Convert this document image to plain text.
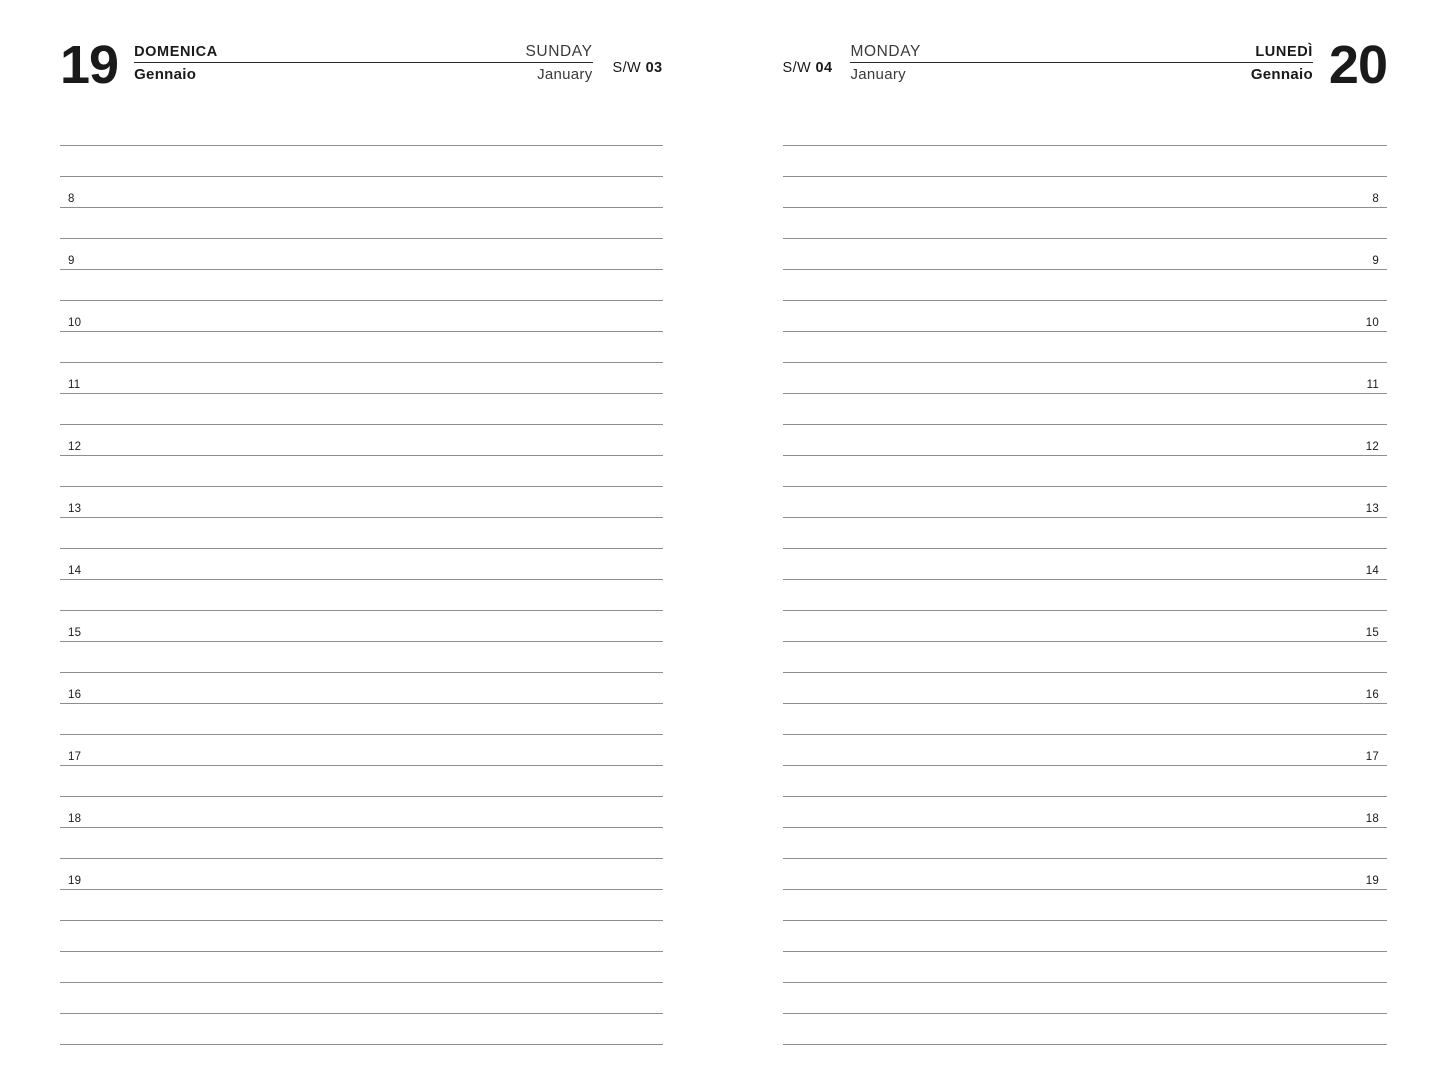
19 DOMENICA	SUNDAY
Gennaio	January S/W 03
8
9
10
11
12
13
14
15
16
17
18
19
S/W 04
MONDAY	LUNEDÌ
January	Gennaio 20
8
9
10
11
12
13
14
15
16
17
18
19
